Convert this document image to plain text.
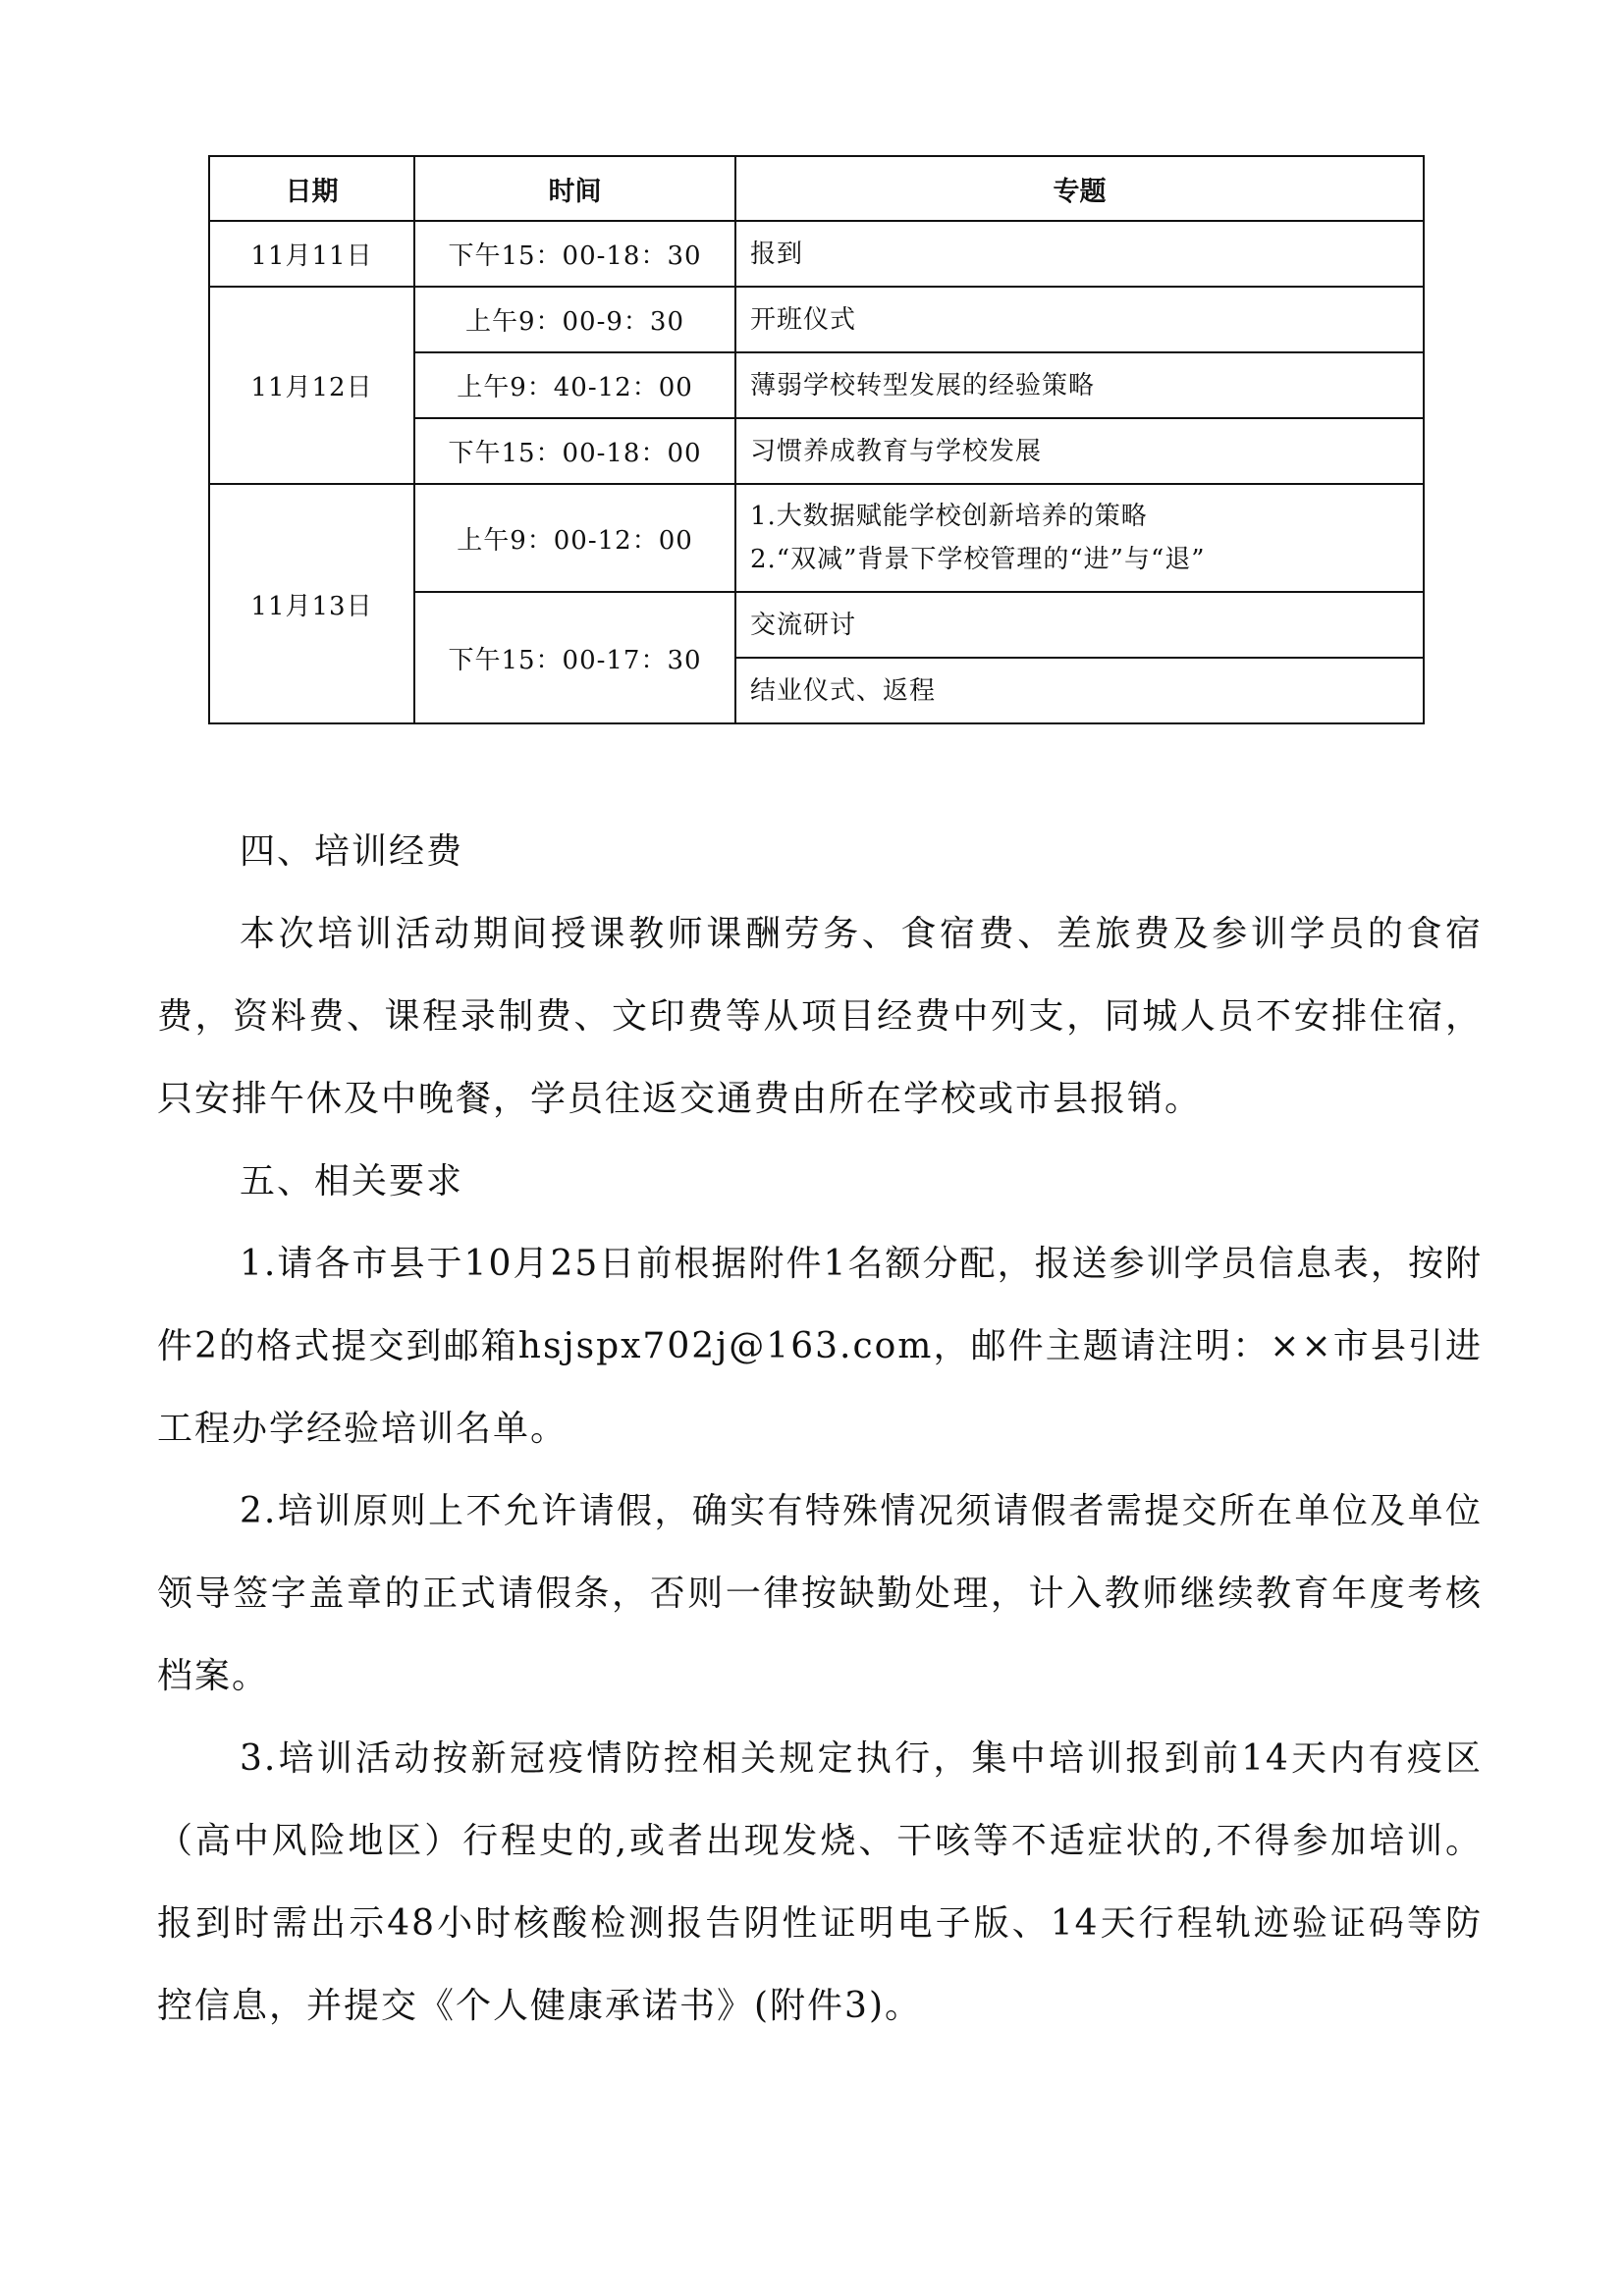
日期	时间	专题
11月11日	下午15：00-18：30	报到

11月12日	上午9：00-9：30	开班仪式

	上午9：40-12：00	薄弱学校转型发展的经验策略

	下午15：00-18：00	习惯养成教育与学校发展

11月13日	上午9：00-12：00	1.大数据赋能学校创新培养的策略
2.“双减”背景下学校管理的“进”与“退”

	下午15：00-17：30	交流研讨

		结业仪式、返程

四、培训经费

本次培训活动期间授课教师课酬劳务、食宿费、差旅费及参训学员的食宿费，资料费、课程录制费、文印费等从项目经费中列支，同城人员不安排住宿，只安排午休及中晚餐，学员往返交通费由所在学校或市县报销。

五、相关要求

1.请各市县于10月25日前根据附件1名额分配，报送参训学员信息表，按附件2的格式提交到邮箱hsjspx702j@163.com，邮件主题请注明：××市县引进工程办学经验培训名单。

2.培训原则上不允许请假，确实有特殊情况须请假者需提交所在单位及单位领导签字盖章的正式请假条，否则一律按缺勤处理，计入教师继续教育年度考核档案。

3.培训活动按新冠疫情防控相关规定执行，集中培训报到前14天内有疫区（高中风险地区）行程史的,或者出现发烧、干咳等不适症状的,不得参加培训。报到时需出示48小时核酸检测报告阴性证明电子版、14天行程轨迹验证码等防控信息，并提交《个人健康承诺书》(附件3)。
